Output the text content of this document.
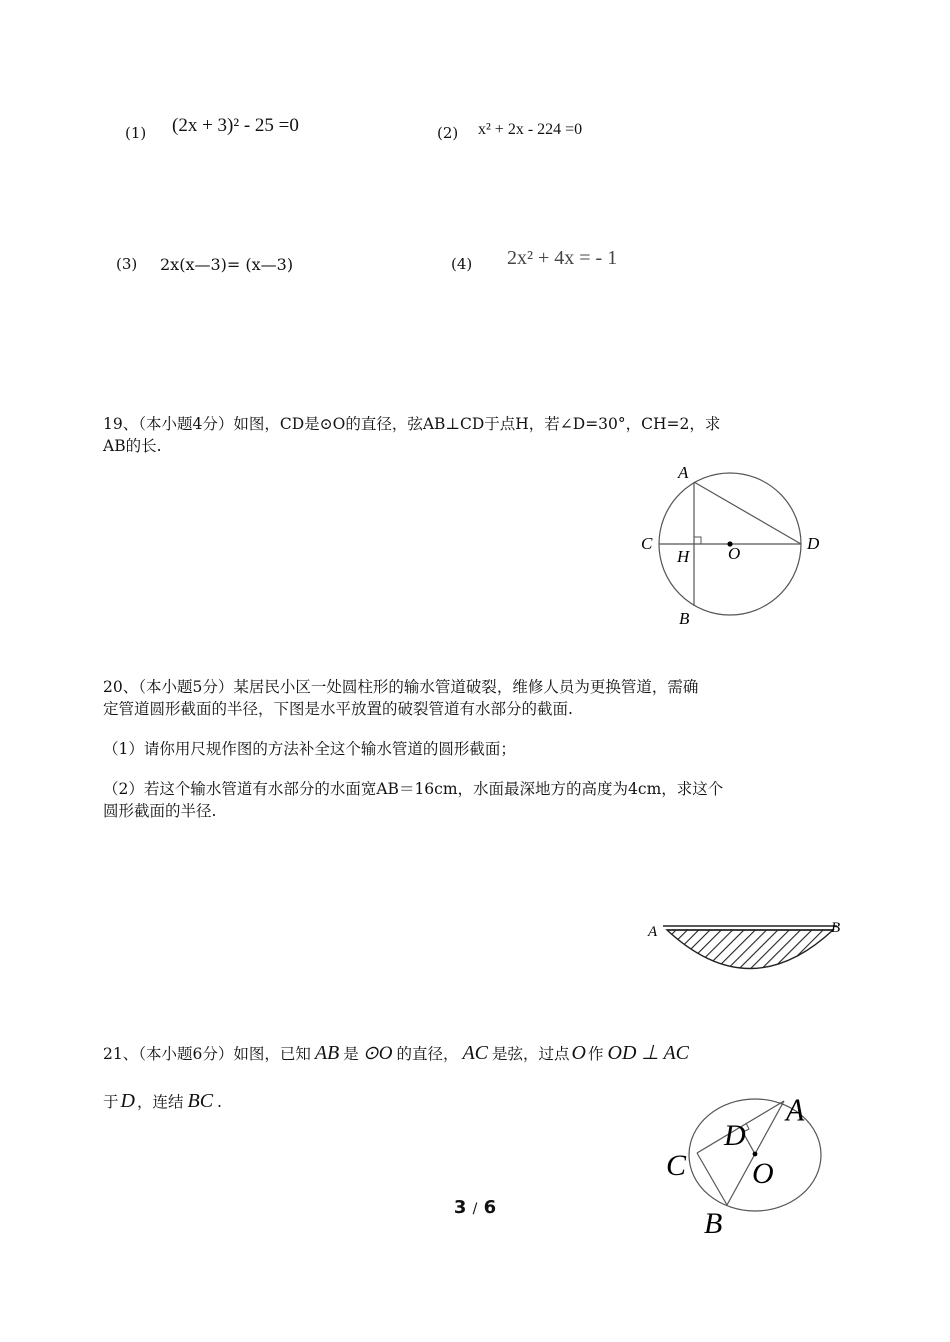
(1) (2x + 3)² - 25 =0	(2) x² + 2x - 224 =0
(3) 2x(x—3)= (x—3)	(4) 2x² + 4x = - 1
19、（本小题4分）如图，CD是⊙O的直径，弦AB⊥CD于点H，若∠D=30°，CH=2，求
AB的长.
A
B
C	D
H O
20、（本小题5分）某居民小区一处圆柱形的输水管道破裂，维修人员为更换管道，需确
定管道圆形截面的半径，下图是水平放置的破裂管道有水部分的截面.
（1）请你用尺规作图的方法补全这个输水管道的圆形截面；
（2）若这个输水管道有水部分的水面宽AB＝16cm，水面最深地方的高度为4cm，求这个
圆形截面的半径.
A	B
21、（本小题6分）如图，已知 AB 是 ⊙O 的直径， AC 是弦，过点 O 作 OD ⊥ AC
于 D ，连结 BC .	A
B
C
D
O
3 / 6
